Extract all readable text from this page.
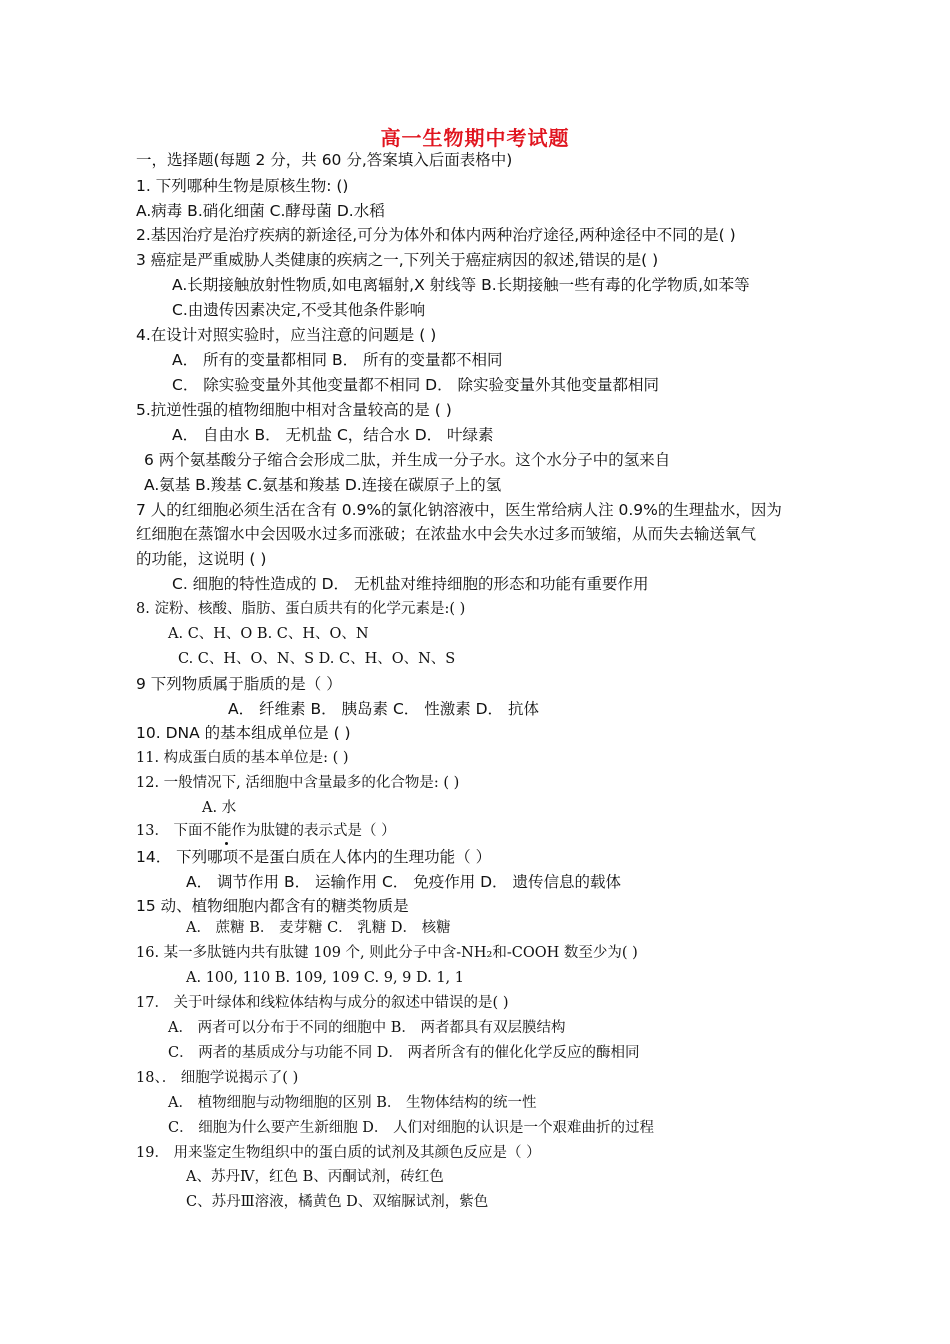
高一生物期中考试题
一，选择题(每题 2 分，共 60 分,答案填入后面表格中)
1. 下列哪种生物是原核生物: ()
A.病毒 B.硝化细菌 C.酵母菌 D.水稻
2.基因治疗是治疗疾病的新途径,可分为体外和体内两种治疗途径,两种途径中不同的是( )
3 癌症是严重威胁人类健康的疾病之一,下列关于癌症病因的叙述,错误的是( )
A.长期接触放射性物质,如电离辐射,X 射线等 B.长期接触一些有毒的化学物质,如苯等
C.由遗传因素决定,不受其他条件影响
4.在设计对照实验时，应当注意的问题是 ( )
A． 所有的变量都相同 B． 所有的变量都不相同
C． 除实验变量外其他变量都不相同 D． 除实验变量外其他变量都相同
5.抗逆性强的植物细胞中相对含量较高的是 ( )
A． 自由水 B． 无机盐 C，结合水 D． 叶绿素
6 两个氨基酸分子缩合会形成二肽，并生成一分子水。这个水分子中的氢来自
A.氨基 B.羧基 C.氨基和羧基 D.连接在碳原子上的氢
7 人的红细胞必须生活在含有 0.9%的氯化钠溶液中，医生常给病人注 0.9%的生理盐水，因为
红细胞在蒸馏水中会因吸水过多而涨破；在浓盐水中会失水过多而皱缩，从而失去输送氧气
的功能，这说明 ( )
C. 细胞的特性造成的 D． 无机盐对维持细胞的形态和功能有重要作用
8. 淀粉、核酸、脂肪、蛋白质共有的化学元素是:( )
A. C、H、O B. C、H、O、N
C. C、H、O、N、S D. C、H、O、N、S
9 下列物质属于脂质的是（ ）
A． 纤维素 B． 胰岛素 C． 性激素 D． 抗体
10. DNA 的基本组成单位是 ( )
11. 构成蛋白质的基本单位是: ( )
12. 一般情况下, 活细胞中含量最多的化合物是: ( )
A. 水
13． 下面不能作为肽键的表示式是（ ）
14． 下列哪项不是蛋白质在人体内的生理功能（ ）
A． 调节作用 B． 运输作用 C． 免疫作用 D． 遗传信息的载体
15 动、植物细胞内都含有的糖类物质是
A． 蔗糖 B． 麦芽糖 C． 乳糖 D． 核糖
16. 某一多肽链内共有肽键 109 个, 则此分子中含-NH₂和-COOH 数至少为( )
A. 100, 110 B. 109, 109 C. 9, 9 D. 1, 1
17． 关于叶绿体和线粒体结构与成分的叙述中错误的是( )
A． 两者可以分布于不同的细胞中 B． 两者都具有双层膜结构
C． 两者的基质成分与功能不同 D． 两者所含有的催化化学反应的酶相同
18、． 细胞学说揭示了( )
A． 植物细胞与动物细胞的区别 B． 生物体结构的统一性
C． 细胞为什么要产生新细胞 D． 人们对细胞的认识是一个艰难曲折的过程
19． 用来鉴定生物组织中的蛋白质的试剂及其颜色反应是（ ）
A、苏丹Ⅳ，红色 B、丙酮试剂，砖红色
C、苏丹Ⅲ溶液，橘黄色 D、双缩脲试剂，紫色
